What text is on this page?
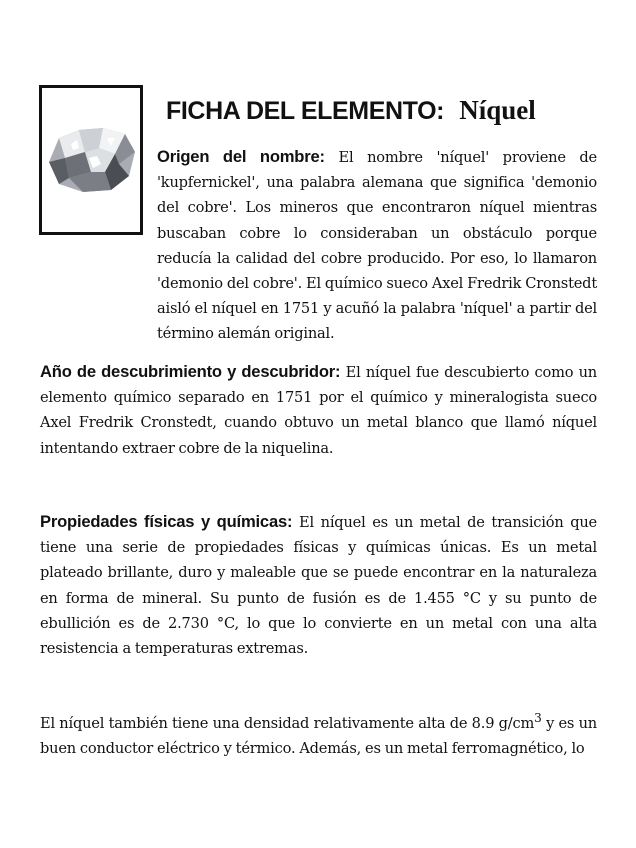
FICHA DEL ELEMENTO: Níquel

Origen del nombre: El nombre 'níquel' proviene de 'kupfernickel', una palabra alemana que significa 'demonio del cobre'. Los mineros que encontraron níquel mientras buscaban cobre lo consideraban un obstáculo porque reducía la calidad del cobre producido. Por eso, lo llamaron 'demonio del cobre'. El químico sueco Axel Fredrik Cronstedt aisló el níquel en 1751 y acuñó la palabra 'níquel' a partir del término alemán original.

Año de descubrimiento y descubridor: El níquel fue descubierto como un elemento químico separado en 1751 por el químico y mineralogista sueco Axel Fredrik Cronstedt, cuando obtuvo un metal blanco que llamó níquel intentando extraer cobre de la niquelina.

Propiedades físicas y químicas: El níquel es un metal de transición que tiene una serie de propiedades físicas y químicas únicas. Es un metal plateado brillante, duro y maleable que se puede encontrar en la naturaleza en forma de mineral. Su punto de fusión es de 1.455 °C y su punto de ebullición es de 2.730 °C, lo que lo convierte en un metal con una alta resistencia a temperaturas extremas.

El níquel también tiene una densidad relativamente alta de 8.9 $g/cm^3$ y es un buen conductor eléctrico y térmico. Además, es un metal ferromagnético, lo
